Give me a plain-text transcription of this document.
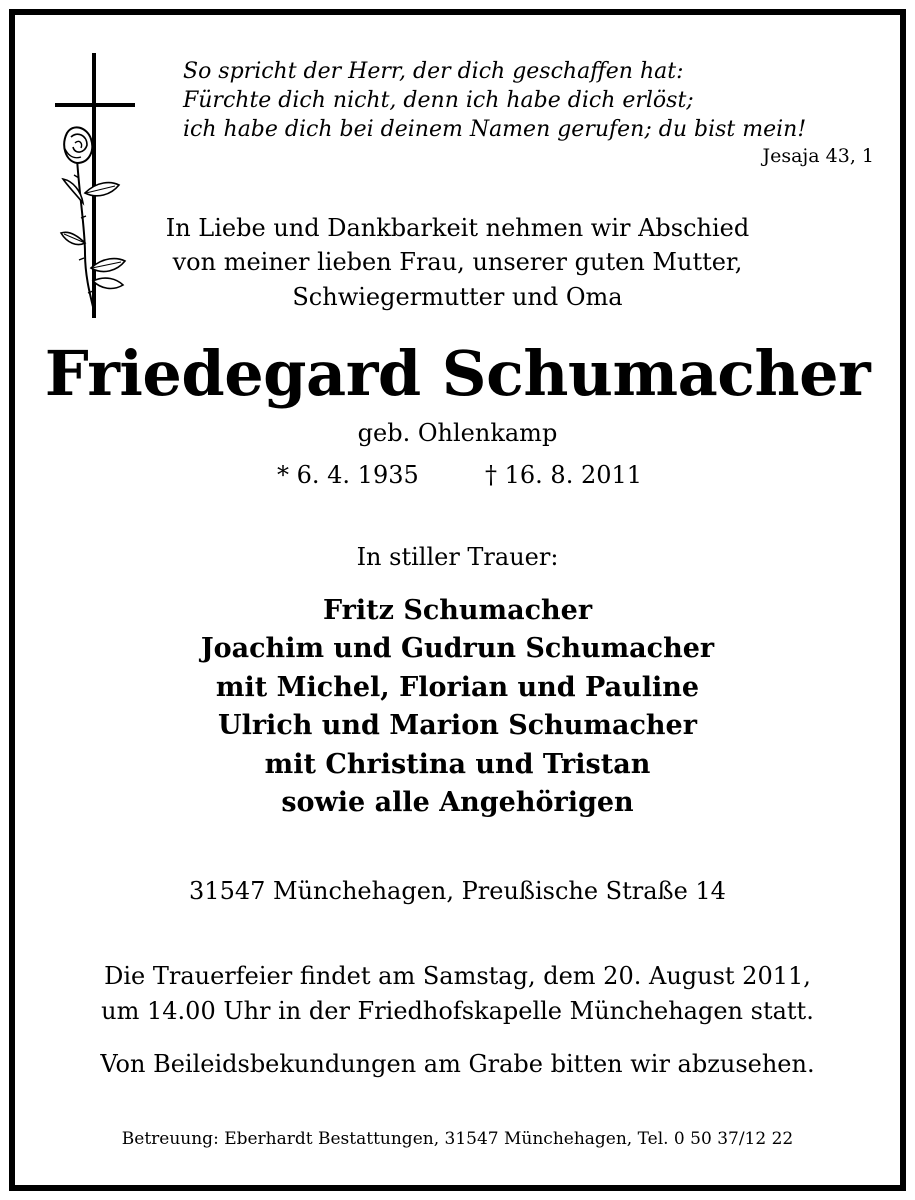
So spricht der Herr, der dich geschaffen hat:
Fürchte dich nicht, denn ich habe dich erlöst;
ich habe dich bei deinem Namen gerufen; du bist mein!
Jesaja 43, 1
In Liebe und Dankbarkeit nehmen wir Abschied
von meiner lieben Frau, unserer guten Mutter,
Schwiegermutter und Oma
Friedegard Schumacher
geb. Ohlenkamp
* 6. 4. 1935	† 16. 8. 2011
In stiller Trauer:
Fritz Schumacher
Joachim und Gudrun Schumacher
mit Michel, Florian und Pauline
Ulrich und Marion Schumacher
mit Christina und Tristan
sowie alle Angehörigen
31547 Münchehagen, Preußische Straße 14
Die Trauerfeier findet am Samstag, dem 20. August 2011,
um 14.00 Uhr in der Friedhofskapelle Münchehagen statt.
Von Beileidsbekundungen am Grabe bitten wir abzusehen.
Betreuung: Eberhardt Bestattungen, 31547 Münchehagen, Tel. 0 50 37/12 22
